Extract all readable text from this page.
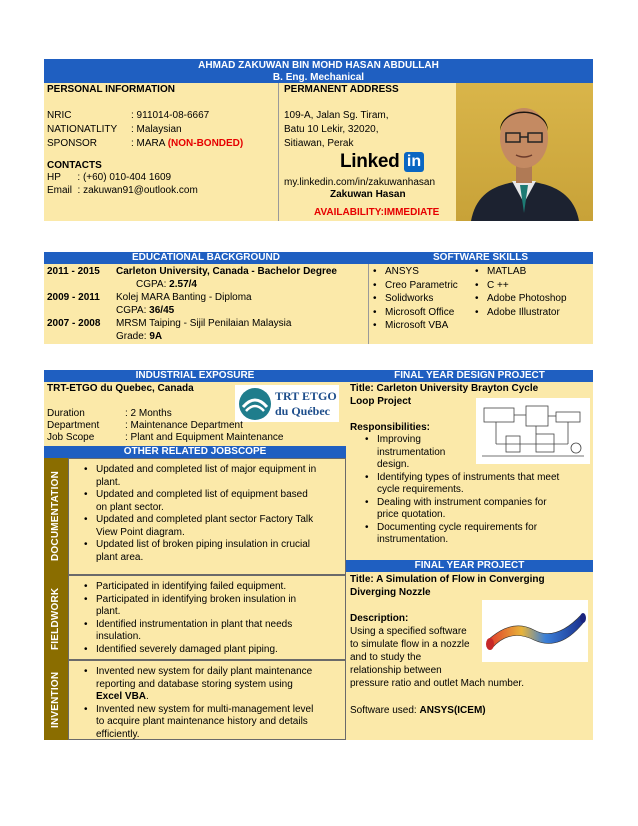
AHMAD ZAKUWAN BIN MOHD HASAN ABDULLAH
B. Eng. Mechanical
PERSONAL INFORMATION
NRIC	: 911014-08-6667
NATIONATLITY : Malaysian
SPONSOR	: MARA (NON-BONDED)
CONTACTS
HP      : (+60) 010-404 1609
Email  : zakuwan91@outlook.com
PERMANENT ADDRESS
109-A, Jalan Sg. Tiram,
Batu 10 Lekir, 32020,
Sitiawan, Perak
Linked in
my.linkedin.com/in/zakuwanhasan
Zakuwan Hasan
AVAILABILITY:IMMEDIATE
EDUCATIONAL BACKGROUND	SOFTWARE SKILLS
2011 - 2015 Carleton University, Canada - Bachelor Degree
CGPA: 2.57/4
2009 - 2011 Kolej MARA Banting - Diploma
CGPA: 36/45
2007 - 2008 MRSM Taiping - Sijil Penilaian Malaysia
Grade: 9A
• ANSYS
• Creo Parametric
• Solidworks
• Microsoft Office
• Microsoft VBA
• MATLAB
• C ++
• Adobe Photoshop
• Adobe Illustrator
INDUSTRIAL EXPOSURE	FINAL YEAR DESIGN PROJECT
TRT-ETGO du Quebec, Canada
TRT ETGO
du Québec
Duration	: 2 Months
Department	: Maintenance Department
Job Scope	: Plant and Equipment Maintenance
OTHER RELATED JOBSCOPE
DOCUMENTATION
• Updated and completed list of major equipment in
plant.
• Updated and completed list of equipment based
on plant sector.
• Updated and completed plant sector Factory Talk
View Point diagram.
• Updated list of broken piping insulation in crucial
plant area.
FIELDWORK
• Participated in identifying failed equipment.
• Participated in identifying broken insulation in
plant.
• Identified instrumentation in plant that needs
insulation.
• Identified severely damaged plant piping.
INVENTION
• Invented new system for daily plant maintenance
reporting and database storing system using
Excel VBA.
• Invented new system for multi-management level
to acquire plant maintenance history and details
efficiently.
Title: Carleton University Brayton Cycle
Loop Project
Responsibilities:
• Improving
instrumentation
design.
• Identifying types of instruments that meet
cycle requirements.
• Dealing with instrument companies for
price quotation.
• Documenting cycle requirements for
instrumentation.
FINAL YEAR PROJECT
Title: A Simulation of Flow in Converging
Diverging Nozzle
Description:
Using a specified software
to simulate flow in a nozzle
and to study the
relationship between
pressure ratio and outlet Mach number.
Software used: ANSYS(ICEM)
